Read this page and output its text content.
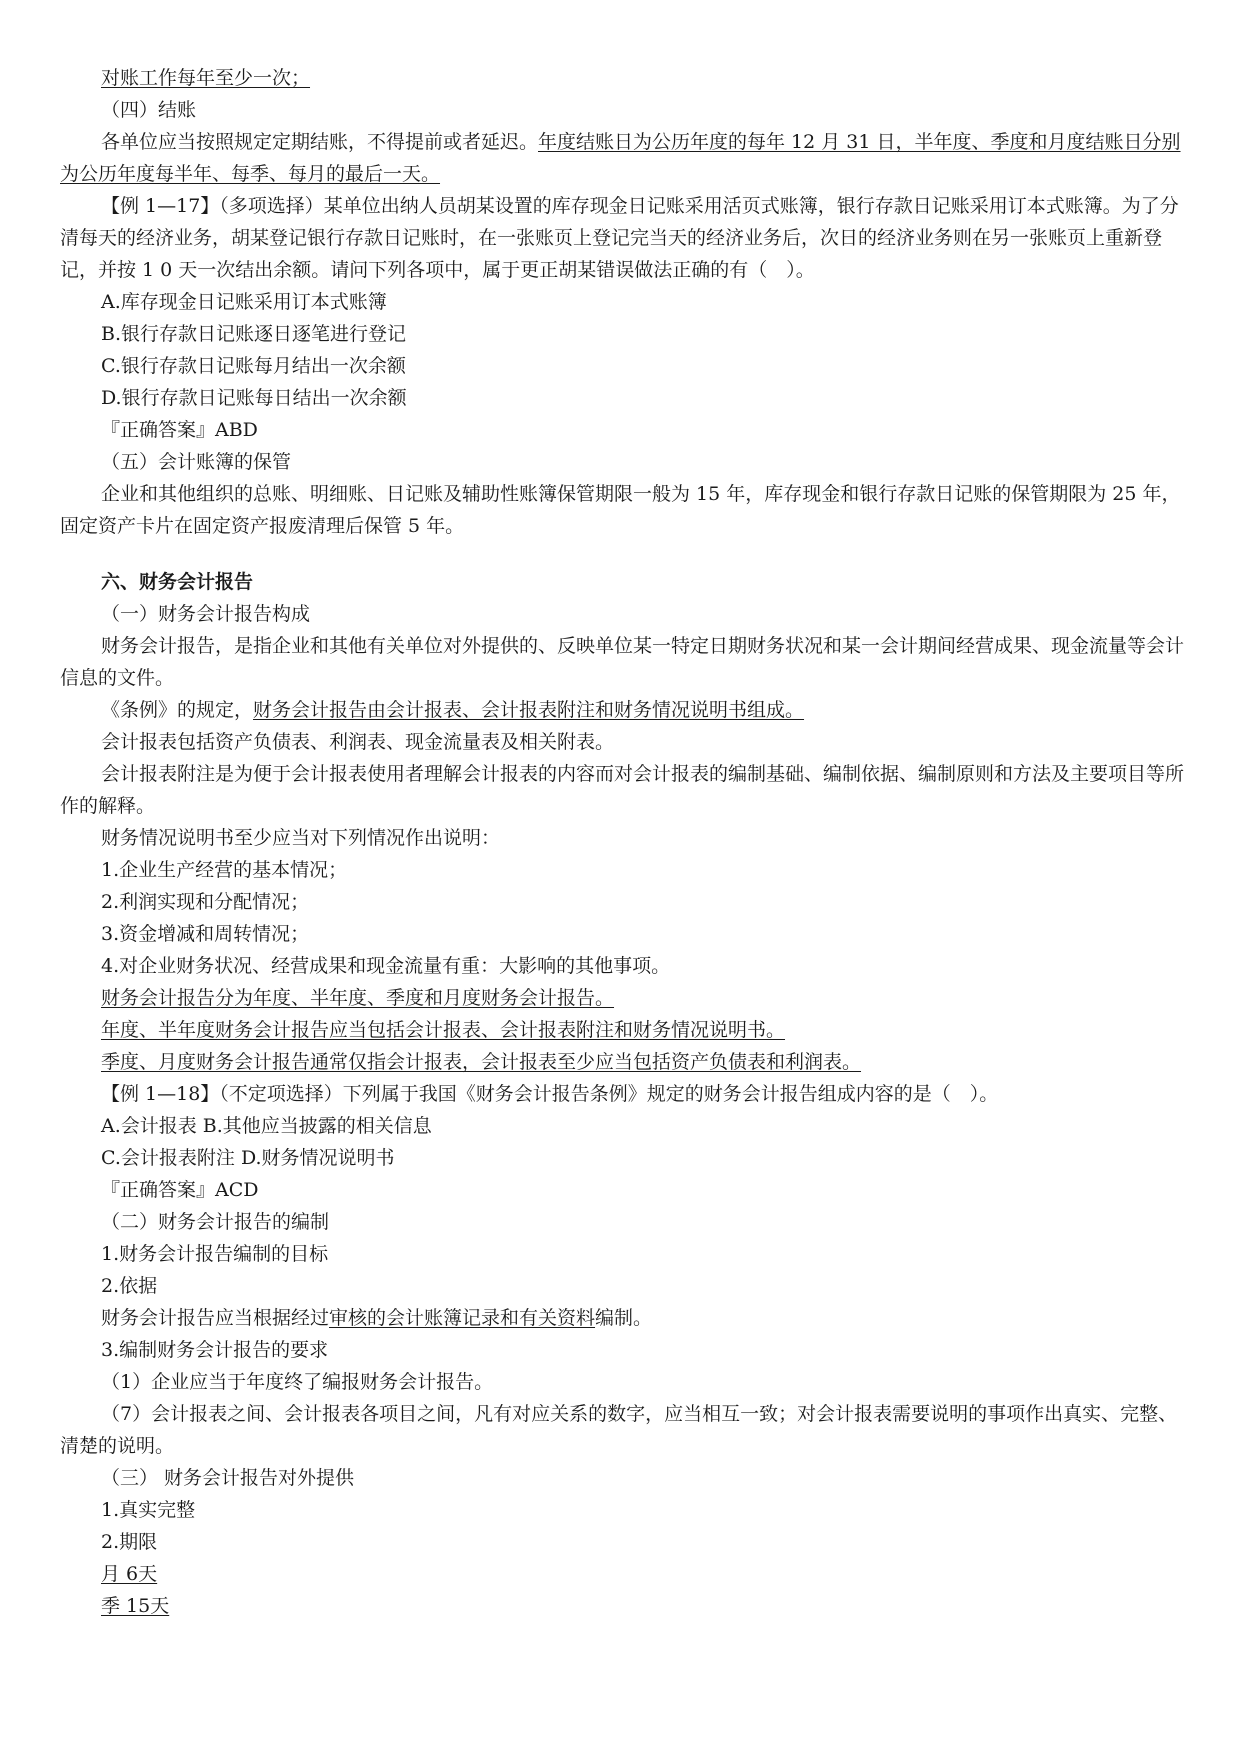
对账工作每年至少一次；
（四）结账
各单位应当按照规定定期结账，不得提前或者延迟。年度结账日为公历年度的每年 12 月 31 日，半年度、季度和月度结账日分别为公历年度每半年、每季、每月的最后一天。
【例 1—17】（多项选择）某单位出纳人员胡某设置的库存现金日记账采用活页式账簿，银行存款日记账采用订本式账簿。为了分清每天的经济业务，胡某登记银行存款日记账时，在一张账页上登记完当天的经济业务后，次日的经济业务则在另一张账页上重新登记，并按 1 0 天一次结出余额。请问下列各项中，属于更正胡某错误做法正确的有（　）。
A.库存现金日记账采用订本式账簿
B.银行存款日记账逐日逐笔进行登记
C.银行存款日记账每月结出一次余额
D.银行存款日记账每日结出一次余额
『正确答案』ABD
（五）会计账簿的保管
企业和其他组织的总账、明细账、日记账及辅助性账簿保管期限一般为 15 年，库存现金和银行存款日记账的保管期限为 25 年，固定资产卡片在固定资产报废清理后保管 5 年。
六、财务会计报告
（一）财务会计报告构成
财务会计报告，是指企业和其他有关单位对外提供的、反映单位某一特定日期财务状况和某一会计期间经营成果、现金流量等会计信息的文件。
《条例》的规定，财务会计报告由会计报表、会计报表附注和财务情况说明书组成。
会计报表包括资产负债表、利润表、现金流量表及相关附表。
会计报表附注是为便于会计报表使用者理解会计报表的内容而对会计报表的编制基础、编制依据、编制原则和方法及主要项目等所作的解释。
财务情况说明书至少应当对下列情况作出说明：
1.企业生产经营的基本情况；
2.利润实现和分配情况；
3.资金增减和周转情况；
4.对企业财务状况、经营成果和现金流量有重：大影响的其他事项。
财务会计报告分为年度、半年度、季度和月度财务会计报告。
年度、半年度财务会计报告应当包括会计报表、会计报表附注和财务情况说明书。
季度、月度财务会计报告通常仅指会计报表，会计报表至少应当包括资产负债表和利润表。
【例 1—18】（不定项选择）下列属于我国《财务会计报告条例》规定的财务会计报告组成内容的是（　）。
A.会计报表 B.其他应当披露的相关信息
C.会计报表附注 D.财务情况说明书
『正确答案』ACD
（二）财务会计报告的编制
1.财务会计报告编制的目标
2.依据
财务会计报告应当根据经过审核的会计账簿记录和有关资料编制。
3.编制财务会计报告的要求
（1）企业应当于年度终了编报财务会计报告。
（7）会计报表之间、会计报表各项目之间，凡有对应关系的数字，应当相互一致；对会计报表需要说明的事项作出真实、完整、清楚的说明。
（三） 财务会计报告对外提供
1.真实完整
2.期限
月 6天
季 15天
